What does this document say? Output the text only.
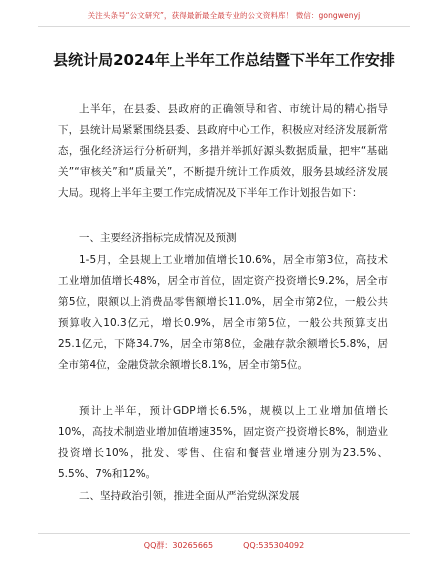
关注头条号“公文研究”，获得最新最全最专业的公文资料库！ 微信：gongwenyj
县统计局2024年上半年工作总结暨下半年工作安排
上半年，在县委、县政府的正确领导和省、市统计局的精心指导下，县统计局紧紧围绕县委、县政府中心工作，积极应对经济发展新常态，强化经济运行分析研判，多措并举抓好源头数据质量，把牢“基础关”“审核关”和“质量关”，不断提升统计工作质效，服务县域经济发展大局。现将上半年主要工作完成情况及下半年工作计划报告如下：
一、主要经济指标完成情况及预测
1-5月，全县规上工业增加值增长10.6%，居全市第3位，高技术工业增加值增长48%，居全市首位，固定资产投资增长9.2%，居全市第5位，限额以上消费品零售额增长11.0%，居全市第2位，一般公共预算收入10.3亿元，增长0.9%，居全市第5位，一般公共预算支出25.1亿元，下降34.7%，居全市第8位，金融存款余额增长5.8%，居全市第4位，金融贷款余额增长8.1%，居全市第5位。
预计上半年，预计GDP增长6.5%，规模以上工业增加值增长10%，高技术制造业增加值增速35%，固定资产投资增长8%，制造业投资增长10%，批发、零售、住宿和餐营业增速分别为23.5%、5.5%、7%和12%。
二、坚持政治引领，推进全面从严治党纵深发展
QQ群：30265665	QQ:535304092
